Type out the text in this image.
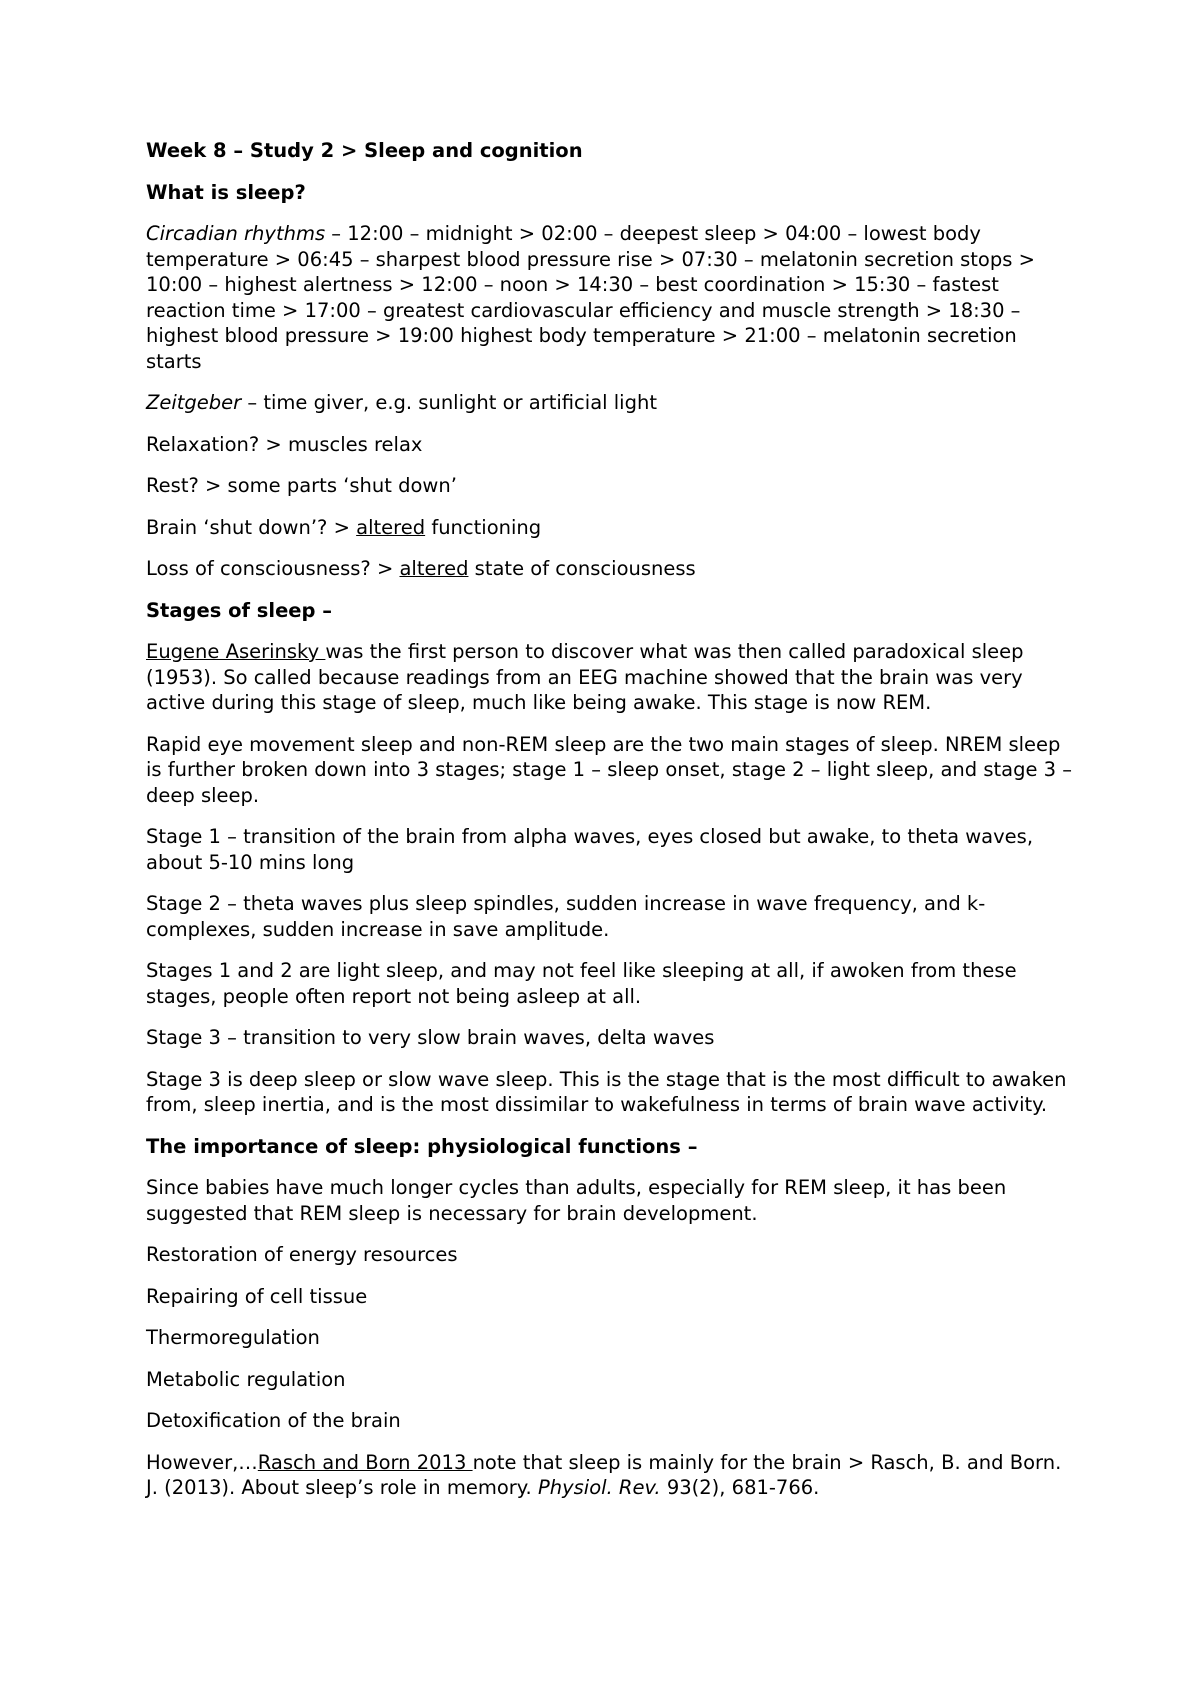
Week 8 – Study 2 > Sleep and cognition

What is sleep?

Circadian rhythms – 12:00 – midnight > 02:00 – deepest sleep > 04:00 – lowest body temperature > 06:45 – sharpest blood pressure rise > 07:30 – melatonin secretion stops > 10:00 – highest alertness > 12:00 – noon > 14:30 – best coordination > 15:30 – fastest reaction time > 17:00 – greatest cardiovascular efficiency and muscle strength > 18:30 – highest blood pressure > 19:00 highest body temperature > 21:00 – melatonin secretion starts

Zeitgeber – time giver, e.g. sunlight or artificial light

Relaxation? > muscles relax

Rest? > some parts ‘shut down’

Brain ‘shut down’? > altered functioning

Loss of consciousness? > altered state of consciousness

Stages of sleep –

Eugene Aserinsky was the first person to discover what was then called paradoxical sleep (1953). So called because readings from an EEG machine showed that the brain was very active during this stage of sleep, much like being awake. This stage is now REM.

Rapid eye movement sleep and non-REM sleep are the two main stages of sleep. NREM sleep is further broken down into 3 stages; stage 1 – sleep onset, stage 2 – light sleep, and stage 3 – deep sleep.

Stage 1 – transition of the brain from alpha waves, eyes closed but awake, to theta waves, about 5-10 mins long

Stage 2 – theta waves plus sleep spindles, sudden increase in wave frequency, and k-complexes, sudden increase in save amplitude.

Stages 1 and 2 are light sleep, and may not feel like sleeping at all, if awoken from these stages, people often report not being asleep at all.

Stage 3 – transition to very slow brain waves, delta waves

Stage 3 is deep sleep or slow wave sleep. This is the stage that is the most difficult to awaken from, sleep inertia, and is the most dissimilar to wakefulness in terms of brain wave activity.

The importance of sleep: physiological functions –

Since babies have much longer cycles than adults, especially for REM sleep, it has been suggested that REM sleep is necessary for brain development.

Restoration of energy resources

Repairing of cell tissue

Thermoregulation

Metabolic regulation

Detoxification of the brain

However,…Rasch and Born 2013 note that sleep is mainly for the brain > Rasch, B. and Born. J. (2013). About sleep’s role in memory. Physiol. Rev. 93(2), 681-766.
